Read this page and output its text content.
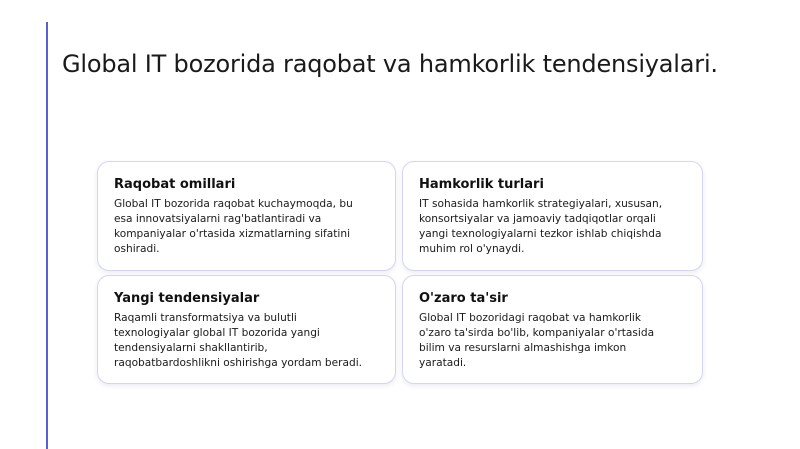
Global IT bozorida raqobat va hamkorlik tendensiyalari.
Raqobat omillari
Global IT bozorida raqobat kuchaymoqda, bu
esa innovatsiyalarni rag'batlantiradi va
kompaniyalar o'rtasida xizmatlarning sifatini
oshiradi.
Hamkorlik turlari
IT sohasida hamkorlik strategiyalari, xususan,
konsortsiyalar va jamoaviy tadqiqotlar orqali
yangi texnologiyalarni tezkor ishlab chiqishda
muhim rol o'ynaydi.
Yangi tendensiyalar
Raqamli transformatsiya va bulutli
texnologiyalar global IT bozorida yangi
tendensiyalarni shakllantirib,
raqobatbardoshlikni oshirishga yordam beradi.
O'zaro ta'sir
Global IT bozoridagi raqobat va hamkorlik
o'zaro ta'sirda bo'lib, kompaniyalar o'rtasida
bilim va resurslarni almashishga imkon
yaratadi.
